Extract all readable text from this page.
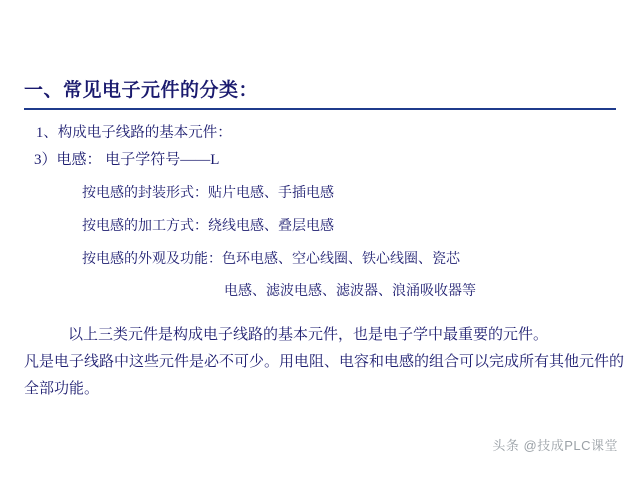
一、常见电子元件的分类：
1、构成电子线路的基本元件：
3）电感： 电子学符号——L
按电感的封装形式：贴片电感、手插电感
按电感的加工方式：绕线电感、叠层电感
按电感的外观及功能：色环电感、空心线圈、铁心线圈、瓷芯
电感、滤波电感、滤波器、浪涌吸收器等
以上三类元件是构成电子线路的基本元件，也是电子学中最重要的元件。
凡是电子线路中这些元件是必不可少。用电阻、电容和电感的组合可以完成所有其他元件的全部功能。
头条 @技成PLC课堂
